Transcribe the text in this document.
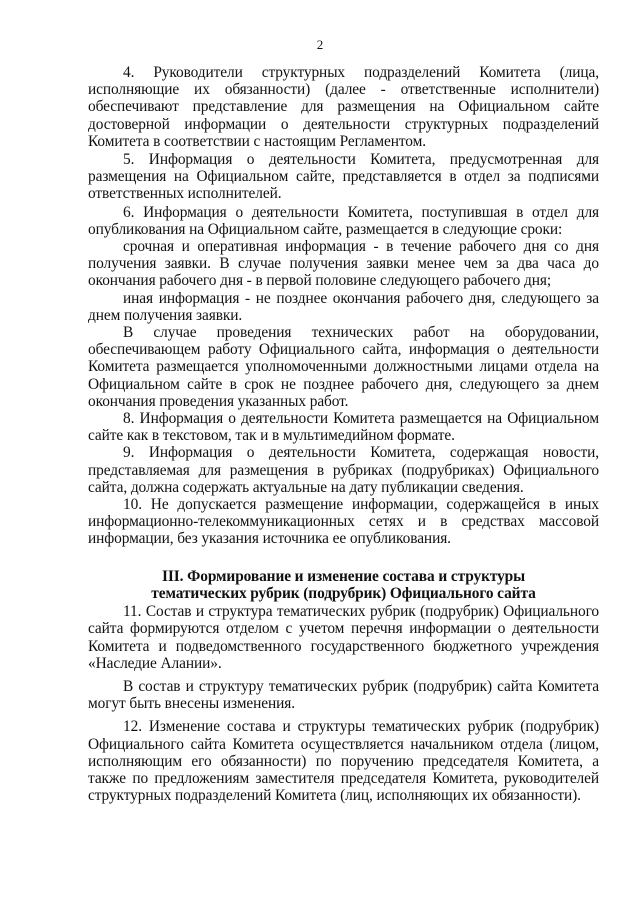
2

4. Руководители структурных подразделений Комитета (лица, исполняющие их обязанности) (далее - ответственные исполнители) обеспечивают представление для размещения на Официальном сайте достоверной информации о деятельности структурных подразделений Комитета в соответствии с настоящим Регламентом.

5. Информация о деятельности Комитета, предусмотренная для размещения на Официальном сайте, представляется в отдел за подписями ответственных исполнителей.

6. Информация о деятельности Комитета, поступившая в отдел для опубликования на Официальном сайте, размещается в следующие сроки:

срочная и оперативная информация - в течение рабочего дня со дня получения заявки. В случае получения заявки менее чем за два часа до окончания рабочего дня - в первой половине следующего рабочего дня;

иная информация - не позднее окончания рабочего дня, следующего за днем получения заявки.

В случае проведения технических работ на оборудовании, обеспечивающем работу Официального сайта, информация о деятельности Комитета размещается уполномоченными должностными лицами отдела на Официальном сайте в срок не позднее рабочего дня, следующего за днем окончания проведения указанных работ.

8. Информация о деятельности Комитета размещается на Официальном сайте как в текстовом, так и в мультимедийном формате.

9. Информация о деятельности Комитета, содержащая новости, представляемая для размещения в рубриках (подрубриках) Официального сайта, должна содержать актуальные на дату публикации сведения.

10. Не допускается размещение информации, содержащейся в иных информационно-телекоммуникационных сетях и в средствах массовой информации, без указания источника ее опубликования.

III. Формирование и изменение состава и структуры
тематических рубрик (подрубрик) Официального сайта

11. Состав и структура тематических рубрик (подрубрик) Официального сайта формируются отделом с учетом перечня информации о деятельности Комитета и подведомственного государственного бюджетного учреждения «Наследие Алании».

В состав и структуру тематических рубрик (подрубрик) сайта Комитета могут быть внесены изменения.

12. Изменение состава и структуры тематических рубрик (подрубрик) Официального сайта Комитета осуществляется начальником отдела (лицом, исполняющим его обязанности) по поручению председателя Комитета, а также по предложениям заместителя председателя Комитета, руководителей структурных подразделений Комитета (лиц, исполняющих их обязанности).
